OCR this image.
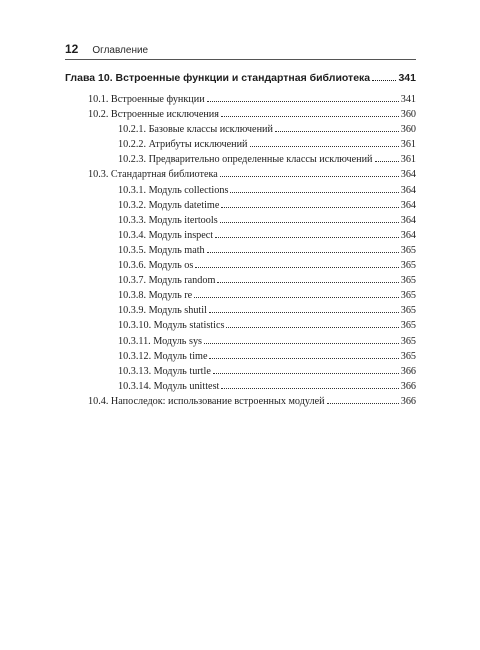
12 Оглавление
Глава 10. Встроенные функции и стандартная библиотека	341
10.1. Встроенные функции	341
10.2. Встроенные исключения	360
10.2.1. Базовые классы исключений	360
10.2.2. Атрибуты исключений	361
10.2.3. Предварительно определенные классы исключений	361
10.3. Стандартная библиотека	364
10.3.1. Модуль collections	364
10.3.2. Модуль datetime	364
10.3.3. Модуль itertools	364
10.3.4. Модуль inspect	364
10.3.5. Модуль math	365
10.3.6. Модуль os	365
10.3.7. Модуль random	365
10.3.8. Модуль re	365
10.3.9. Модуль shutil	365
10.3.10. Модуль statistics	365
10.3.11. Модуль sys	365
10.3.12. Модуль time	365
10.3.13. Модуль turtle	366
10.3.14. Модуль unittest	366
10.4. Напоследок: использование встроенных модулей	366
